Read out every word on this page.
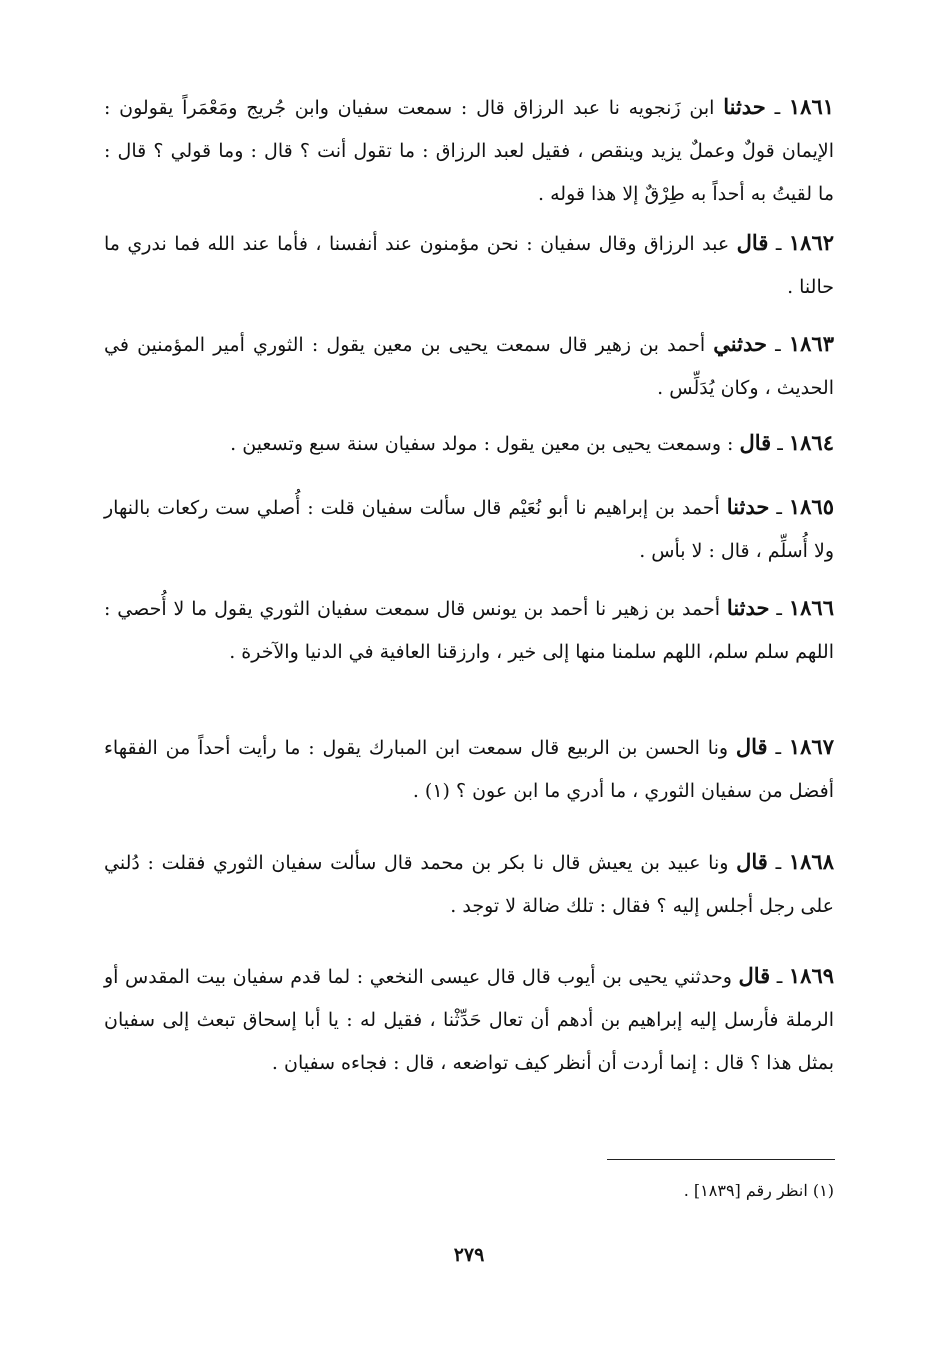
١٨٦١ ـ حدثنا ابن زَنجويه نا عبد الرزاق قال : سمعت سفيان وابن جُريج ومَعْمَراً يقولون : الإيمان قولٌ وعملٌ يزيد وينقص ، فقيل لعبد الرزاق : ما تقول أنت ؟ قال : وما قولي ؟ قال : ما لقيتُ به أحداً به طِرْقٌ إلا هذا قوله .

١٨٦٢ ـ قال عبد الرزاق وقال سفيان : نحن مؤمنون عند أنفسنا ، فأما عند الله فما ندري ما حالنا .

١٨٦٣ ـ حدثني أحمد بن زهير قال سمعت يحيى بن معين يقول : الثوري أمير المؤمنين في الحديث ، وكان يُدَلِّس .

١٨٦٤ ـ قال : وسمعت يحيى بن معين يقول : مولد سفيان سنة سبع وتسعين .

١٨٦٥ ـ حدثنا أحمد بن إبراهيم نا أبو نُعَيْم قال سألت سفيان قلت : أُصلي ست ركعات بالنهار ولا أُسلِّم ، قال : لا بأس .

١٨٦٦ ـ حدثنا أحمد بن زهير نا أحمد بن يونس قال سمعت سفيان الثوري يقول ما لا أُحصي : اللهم سلم سلم، اللهم سلمنا منها إلى خير ، وارزقنا العافية في الدنيا والآخرة .

١٨٦٧ ـ قال ونا الحسن بن الربيع قال سمعت ابن المبارك يقول : ما رأيت أحداً من الفقهاء أفضل من سفيان الثوري ، ما أدري ما ابن عون ؟ (١) .

١٨٦٨ ـ قال ونا عبيد بن يعيش قال نا بكر بن محمد قال سألت سفيان الثوري فقلت : دُلني على رجل أجلس إليه ؟ فقال : تلك ضالة لا توجد .

١٨٦٩ ـ قال وحدثني يحيى بن أيوب قال قال عيسى النخعي : لما قدم سفيان بيت المقدس أو الرملة فأرسل إليه إبراهيم بن أدهم أن تعال حَدِّثْنا ، فقيل له : يا أبا إسحاق تبعث إلى سفيان بمثل هذا ؟ قال : إنما أردت أن أنظر كيف تواضعه ، قال : فجاءه سفيان .

(١) انظر رقم [١٨٣٩] .

٢٧٩
